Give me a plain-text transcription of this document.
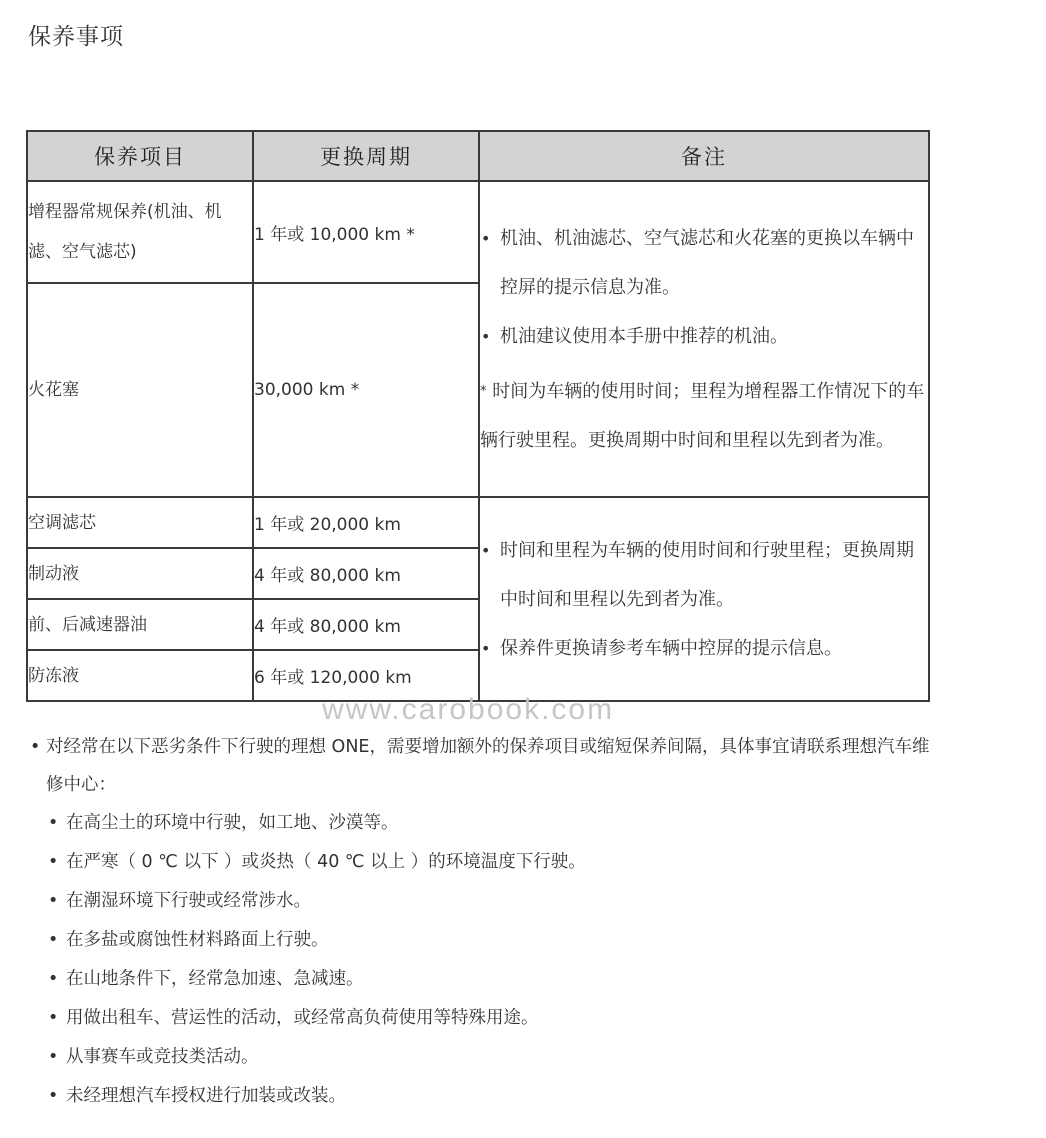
保养事项
保养项目	更换周期	备注
增程器常规保养(机油、机滤、空气滤芯)	1 年或 10,000 km *	• 机油、机油滤芯、空气滤芯和火花塞的更换以车辆中控屏的提示信息为准。
• 机油建议使用本手册中推荐的机油。
* 时间为车辆的使用时间；里程为增程器工作情况下的车辆行驶里程。更换周期中时间和里程以先到者为准。

火花塞	30,000 km *	
空调滤芯	1 年或 20,000 km	• 时间和里程为车辆的使用时间和行驶里程；更换周期中时间和里程以先到者为准。
• 保养件更换请参考车辆中控屏的提示信息。

制动液	4 年或 80,000 km	
前、后减速器油	4 年或 80,000 km	
防冻液	6 年或 120,000 km	
www.carobook.com
• 对经常在以下恶劣条件下行驶的理想 ONE，需要增加额外的保养项目或缩短保养间隔，具体事宜请联系理想汽车维修中心：
• 在高尘土的环境中行驶，如工地、沙漠等。
• 在严寒（ 0 ℃ 以下 ）或炎热（ 40 ℃ 以上 ）的环境温度下行驶。
• 在潮湿环境下行驶或经常涉水。
• 在多盐或腐蚀性材料路面上行驶。
• 在山地条件下，经常急加速、急减速。
• 用做出租车、营运性的活动，或经常高负荷使用等特殊用途。
• 从事赛车或竞技类活动。
• 未经理想汽车授权进行加装或改装。
